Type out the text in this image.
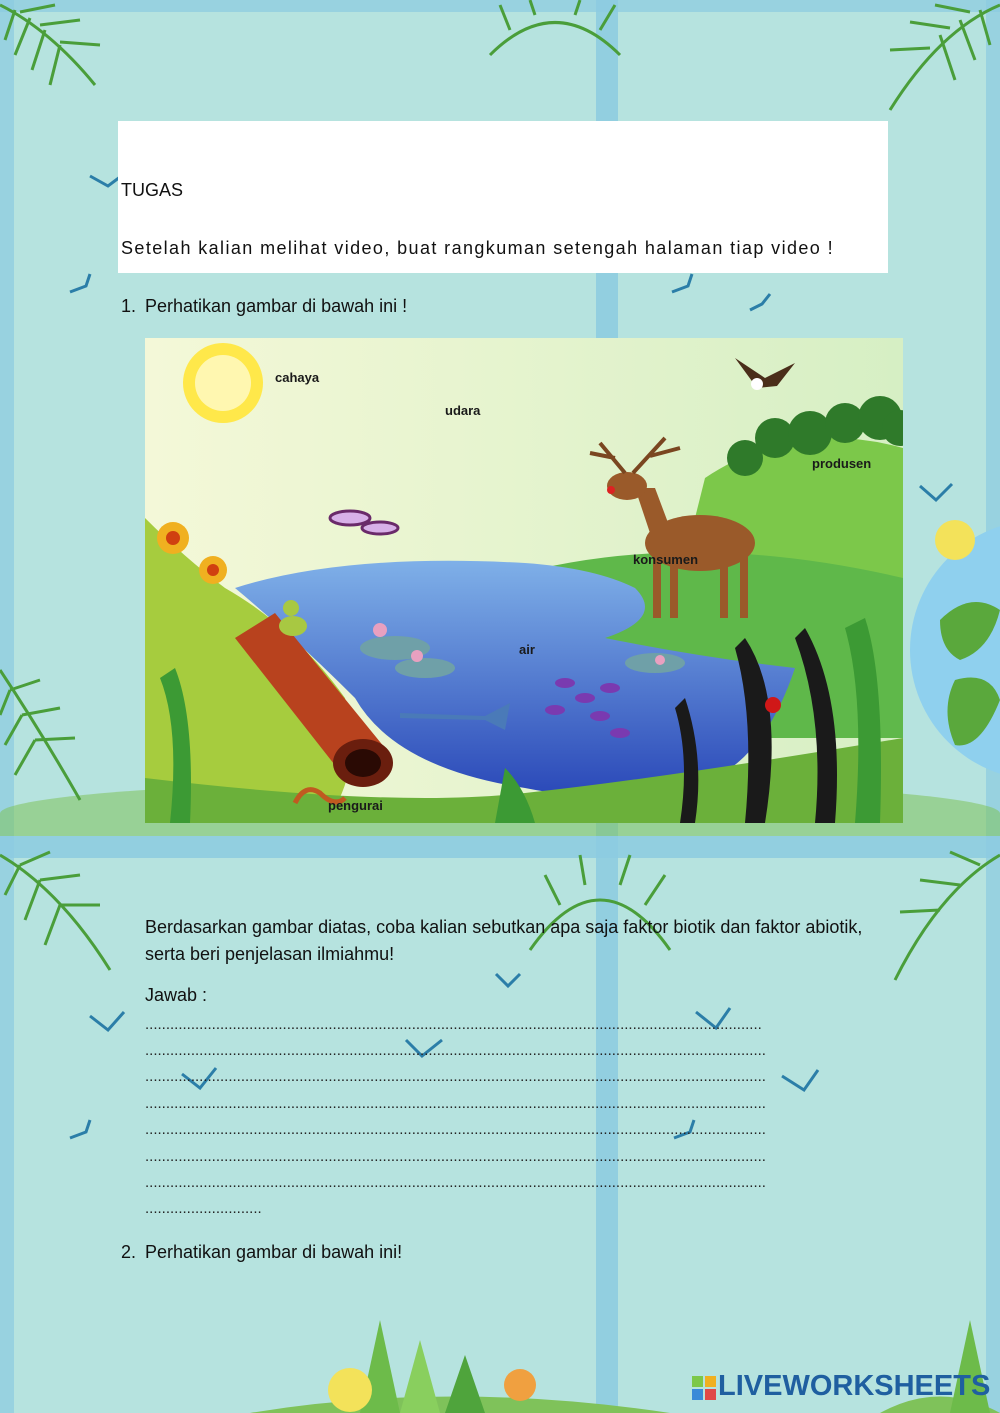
TUGAS
Setelah kalian melihat video, buat rangkuman setengah halaman tiap video !
1. Perhatikan gambar di bawah ini !
cahaya
udara
produsen
konsumen
air
pengurai
Berdasarkan gambar diatas, coba kalian sebutkan apa saja faktor biotik dan faktor abiotik, serta beri penjelasan ilmiahmu!
Jawab :
....................................................................................................................................................
.....................................................................................................................................................
.....................................................................................................................................................
.....................................................................................................................................................
.....................................................................................................................................................
.....................................................................................................................................................
.....................................................................................................................................................
............................
2. Perhatikan gambar di bawah ini!
LIVEWORKSHEETS
